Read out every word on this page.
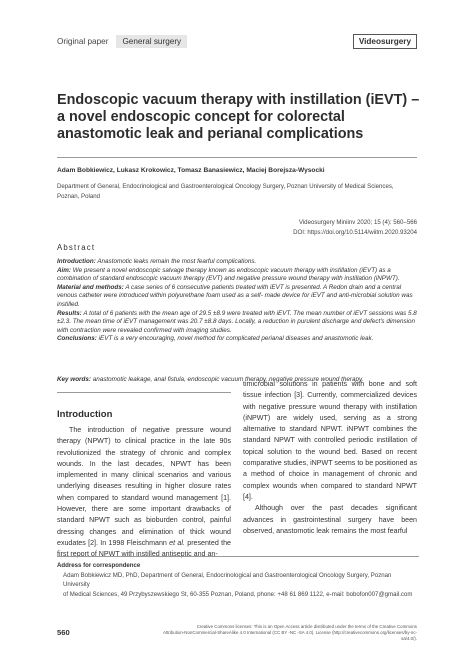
Original paper	General surgery	Videosurgery
Endoscopic vacuum therapy with instillation (iEVT) – a novel endoscopic concept for colorectal anastomotic leak and perianal complications
Adam Bobkiewicz, Lukasz Krokowicz, Tomasz Banasiewicz, Maciej Borejsza-Wysocki
Department of General, Endocrinological and Gastroenterological Oncology Surgery, Poznan University of Medical Sciences, Poznan, Poland
Videosurgery Miniinv 2020; 15 (4): 560–566
DOI: https://doi.org/10.5114/wiitm.2020.93204
Abstract

Introduction: Anastomotic leaks remain the most fearful complications.

Aim: We present a novel endoscopic salvage therapy known as endoscopic vacuum therapy with instillation (iEVT) as a combination of standard endoscopic vacuum therapy (EVT) and negative pressure wound therapy with instillation (iNPWT).

Material and methods: A case series of 6 consecutive patients treated with iEVT is presented. A Redon drain and a central venous catheter were introduced within polyurethane foam used as a self- made device for iEVT and anti-microbial solution was instilled.

Results: A total of 6 patients with the mean age of 29.5 ±8.9 were treated with iEVT. The mean number of iEVT sessions was 5.8 ±2.3. The mean time of iEVT management was 20.7 ±8.8 days. Locally, a reduction in purulent discharge and defect's dimension with contraction were revealed confirmed with imaging studies.

Conclusions: iEVT is a very encouraging, novel method for complicated perianal diseases and anastomotic leak.

Key words: anastomotic leakage, anal fistula, endoscopic vacuum therapy, negative pressure wound therapy.
Introduction
The introduction of negative pressure wound therapy (NPWT) to clinical practice in the late 90s revolutionized the strategy of chronic and complex wounds. In the last decades, NPWT has been implemented in many clinical scenarios and various underlying diseases resulting in higher closure rates when compared to standard wound management [1]. However, there are some important drawbacks of standard NPWT such as bioburden control, painful dressing changes and elimination of thick wound exudates [2]. In 1998 Fleischmann et al. presented the first report of NPWT with instilled antiseptic and an-

timicrobial solutions in patients with bone and soft tissue infection [3]. Currently, commercialized devices with negative pressure wound therapy with instillation (iNPWT) are widely used, serving as a strong alternative to standard NPWT. iNPWT combines the standard NPWT with controlled periodic instillation of topical solution to the wound bed. Based on recent comparative studies, iNPWT seems to be positioned as a method of choice in management of chronic and complex wounds when compared to standard NPWT [4].

Although over the past decades significant advances in gastrointestinal surgery have been observed, anastomotic leak remains the most fearful

Address for correspondence
Adam Bobkiewicz MD, PhD, Department of General, Endocrinological and Gastroenterological Oncology Surgery, Poznan University
of Medical Sciences, 49 Przybyszewskiego St, 60-355 Poznan, Poland, phone: +48 61 869 1122, e-mail: bobofon007@gmail.com
560
Creative Commons licenses: This is an Open Access article distributed under the terms of the Creative Commons
Attribution-NonCommercial-ShareAlike 4.0 International (CC BY -NC -SA 4.0). License (http://creativecommons.org/licenses/by-nc-sa/4.0/).
